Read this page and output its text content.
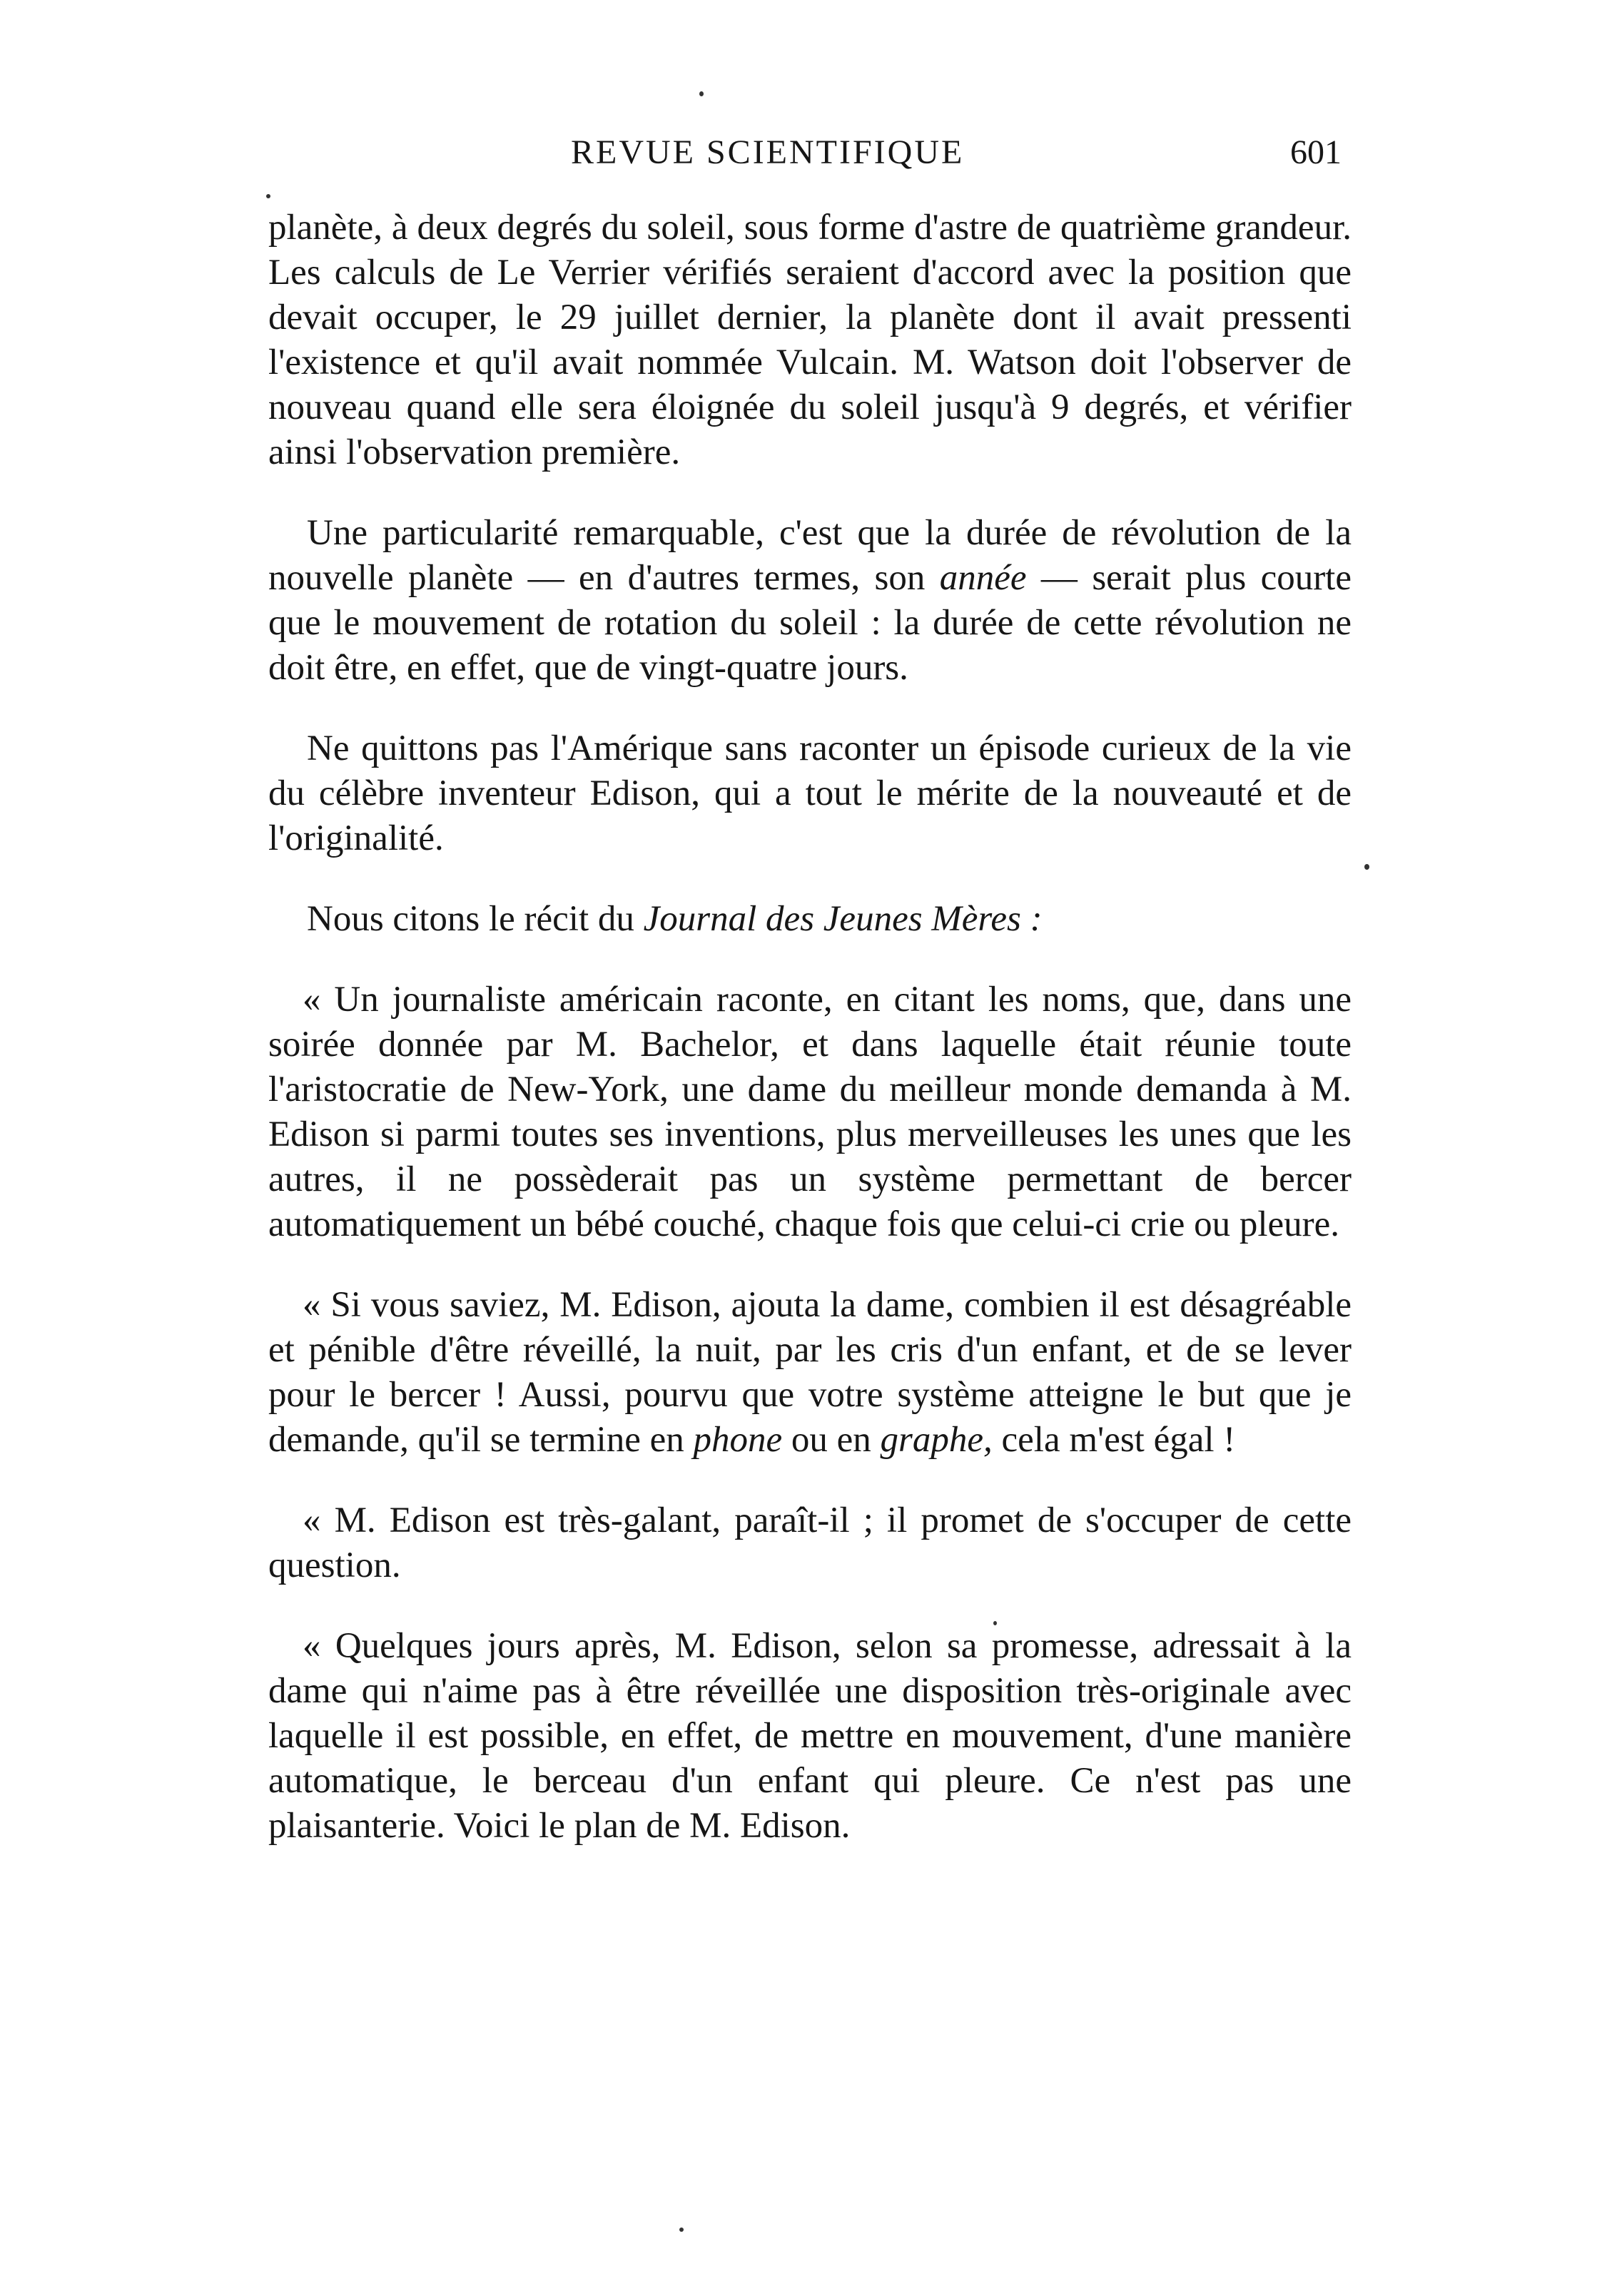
REVUE SCIENTIFIQUE	601

planète, à deux degrés du soleil, sous forme d'astre de quatrième grandeur. Les calculs de Le Verrier vérifiés seraient d'accord avec la position que devait occuper, le 29 juillet dernier, la planète dont il avait pressenti l'existence et qu'il avait nommée Vulcain. M. Watson doit l'observer de nouveau quand elle sera éloignée du soleil jusqu'à 9 degrés, et vérifier ainsi l'observation première.

Une particularité remarquable, c'est que la durée de révolution de la nouvelle planète — en d'autres termes, son année — serait plus courte que le mouvement de rotation du soleil : la durée de cette révolution ne doit être, en effet, que de vingt-quatre jours.

Ne quittons pas l'Amérique sans raconter un épisode curieux de la vie du célèbre inventeur Edison, qui a tout le mérite de la nouveauté et de l'originalité.

Nous citons le récit du Journal des Jeunes Mères :

« Un journaliste américain raconte, en citant les noms, que, dans une soirée donnée par M. Bachelor, et dans laquelle était réunie toute l'aristocratie de New-York, une dame du meilleur monde demanda à M. Edison si parmi toutes ses inventions, plus merveilleuses les unes que les autres, il ne possèderait pas un système permettant de bercer automatiquement un bébé couché, chaque fois que celui-ci crie ou pleure.

« Si vous saviez, M. Edison, ajouta la dame, combien il est désagréable et pénible d'être réveillé, la nuit, par les cris d'un enfant, et de se lever pour le bercer ! Aussi, pourvu que votre système atteigne le but que je demande, qu'il se termine en phone ou en graphe, cela m'est égal !

« M. Edison est très-galant, paraît-il ; il promet de s'occuper de cette question.

« Quelques jours après, M. Edison, selon sa promesse, adressait à la dame qui n'aime pas à être réveillée une disposition très-originale avec laquelle il est possible, en effet, de mettre en mouvement, d'une manière automatique, le berceau d'un enfant qui pleure. Ce n'est pas une plaisanterie. Voici le plan de M. Edison.
